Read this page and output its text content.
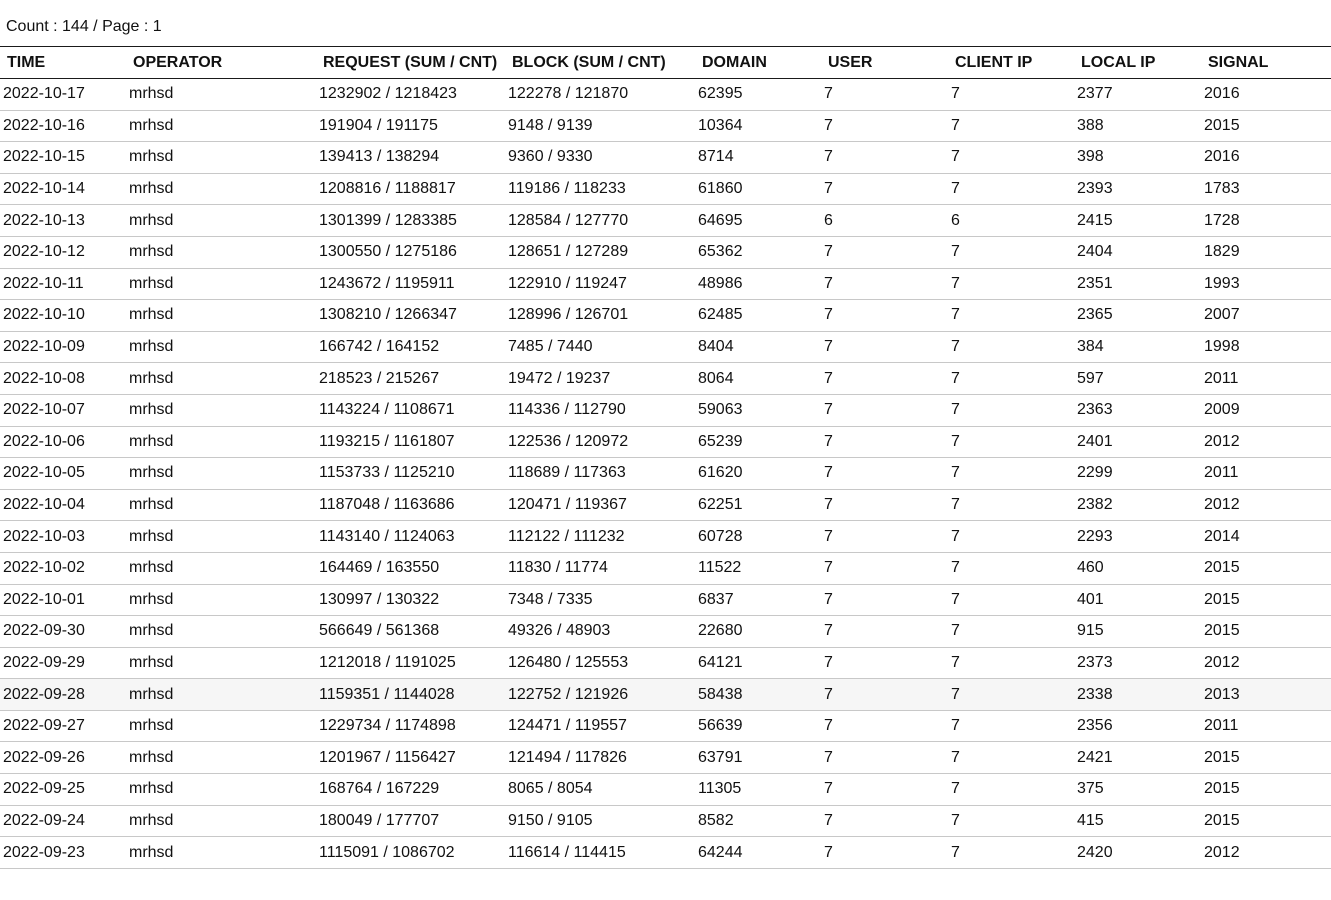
Count : 144 / Page : 1
TIME	OPERATOR	REQUEST (SUM / CNT)	BLOCK (SUM / CNT)	DOMAIN	USER	CLIENT IP	LOCAL IP	SIGNAL
2022-10-17	mrhsd	1232902 / 1218423	122278 / 121870	62395	7	7	2377	2016
2022-10-16	mrhsd	191904 / 191175	9148 / 9139	10364	7	7	388	2015
2022-10-15	mrhsd	139413 / 138294	9360 / 9330	8714	7	7	398	2016
2022-10-14	mrhsd	1208816 / 1188817	119186 / 118233	61860	7	7	2393	1783
2022-10-13	mrhsd	1301399 / 1283385	128584 / 127770	64695	6	6	2415	1728
2022-10-12	mrhsd	1300550 / 1275186	128651 / 127289	65362	7	7	2404	1829
2022-10-11	mrhsd	1243672 / 1195911	122910 / 119247	48986	7	7	2351	1993
2022-10-10	mrhsd	1308210 / 1266347	128996 / 126701	62485	7	7	2365	2007
2022-10-09	mrhsd	166742 / 164152	7485 / 7440	8404	7	7	384	1998
2022-10-08	mrhsd	218523 / 215267	19472 / 19237	8064	7	7	597	2011
2022-10-07	mrhsd	1143224 / 1108671	114336 / 112790	59063	7	7	2363	2009
2022-10-06	mrhsd	1193215 / 1161807	122536 / 120972	65239	7	7	2401	2012
2022-10-05	mrhsd	1153733 / 1125210	118689 / 117363	61620	7	7	2299	2011
2022-10-04	mrhsd	1187048 / 1163686	120471 / 119367	62251	7	7	2382	2012
2022-10-03	mrhsd	1143140 / 1124063	112122 / 111232	60728	7	7	2293	2014
2022-10-02	mrhsd	164469 / 163550	11830 / 11774	11522	7	7	460	2015
2022-10-01	mrhsd	130997 / 130322	7348 / 7335	6837	7	7	401	2015
2022-09-30	mrhsd	566649 / 561368	49326 / 48903	22680	7	7	915	2015
2022-09-29	mrhsd	1212018 / 1191025	126480 / 125553	64121	7	7	2373	2012
2022-09-28	mrhsd	1159351 / 1144028	122752 / 121926	58438	7	7	2338	2013
2022-09-27	mrhsd	1229734 / 1174898	124471 / 119557	56639	7	7	2356	2011
2022-09-26	mrhsd	1201967 / 1156427	121494 / 117826	63791	7	7	2421	2015
2022-09-25	mrhsd	168764 / 167229	8065 / 8054	11305	7	7	375	2015
2022-09-24	mrhsd	180049 / 177707	9150 / 9105	8582	7	7	415	2015
2022-09-23	mrhsd	1115091 / 1086702	116614 / 114415	64244	7	7	2420	2012
